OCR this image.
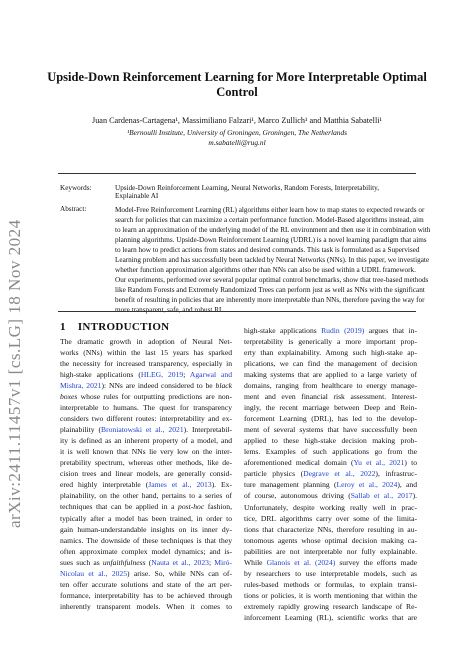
arXiv:2411.11457v1 [cs.LG] 18 Nov 2024
Upside-Down Reinforcement Learning for More Interpretable Optimal
Control
Juan Cardenas-Cartagena¹, Massimiliano Falzari¹, Marco Zullich¹ and Matthia Sabatelli¹
¹Bernoulli Institute, University of Groningen, Groningen, The Netherlands
m.sabatelli@rug.nl
Keywords:	Upside-Down Reinforcement Learning, Neural Networks, Random Forests, Interpretability, Explainable AI
Abstract:	Model-Free Reinforcement Learning (RL) algorithms either learn how to map states to expected rewards or
search for policies that can maximize a certain performance function. Model-Based algorithms instead, aim
to learn an approximation of the underlying model of the RL environment and then use it in combination with
planning algorithms. Upside-Down Reinforcement Learning (UDRL) is a novel learning paradigm that aims
to learn how to predict actions from states and desired commands. This task is formulated as a Supervised
Learning problem and has successfully been tackled by Neural Networks (NNs). In this paper, we investigate
whether function approximation algorithms other than NNs can also be used within a UDRL framework.
Our experiments, performed over several popular optimal control benchmarks, show that tree-based methods
like Random Forests and Extremely Randomized Trees can perform just as well as NNs with the significant
benefit of resulting in policies that are inherently more interpretable than NNs, therefore paving the way for
more transparent, safe, and robust RL.
1 INTRODUCTION
The dramatic growth in adoption of Neural Net-
works (NNs) within the last 15 years has sparked
the necessity for increased transparency, especially in
high-stake applications (HLEG, 2019; Agarwal and
Mishra, 2021): NNs are indeed considered to be black
boxes whose rules for outputting predictions are non-
interpretable to humans. The quest for transparency
considers two different routes: interpretability and ex-
plainability (Broniatowski et al., 2021). Interpretabil-
ity is defined as an inherent property of a model, and
it is well known that NNs lie very low on the inter-
pretability spectrum, whereas other methods, like de-
cision trees and linear models, are generally consid-
ered highly interpretable (James et al., 2013). Ex-
plainability, on the other hand, pertains to a series of
techniques that can be applied in a post-hoc fashion,
typically after a model has been trained, in order to
gain human-understandable insights on its inner dy-
namics. The downside of these techniques is that they
often approximate complex model dynamics; and is-
sues such as unfaithfulness (Nauta et al., 2023; Miró-
Nicolau et al., 2025) arise. So, while NNs can of-
ten offer accurate solutions and state of the art per-
formance, interpretability has to be achieved through
inherently transparent models. When it comes to
high-stake applications Rudin (2019) argues that in-
terpretability is generically a more important prop-
erty than explainability. Among such high-stake ap-
plications, we can find the management of decision
making systems that are applied to a large variety of
domains, ranging from healthcare to energy manage-
ment and even financial risk assessment. Interest-
ingly, the recent marriage between Deep and Rein-
forcement Learning (DRL), has led to the develop-
ment of several systems that have successfully been
applied to these high-stake decision making prob-
lems. Examples of such applications go from the
aforementioned medical domain (Yu et al., 2021) to
particle physics (Degrave et al., 2022), infrastruc-
ture management planning (Leroy et al., 2024), and
of course, autonomous driving (Sallab et al., 2017).
Unfortunately, despite working really well in prac-
tice, DRL algorithms carry over some of the limita-
tions that characterize NNs, therefore resulting in au-
tonomous agents whose optimal decision making ca-
pabilities are not interpretable nor fully explainable.
While Glanois et al. (2024) survey the efforts made
by researchers to use interpretable models, such as
rules-based methods or formulas, to explain transi-
tions or policies, it is worth mentioning that within the
extremely rapidly growing research landscape of Re-
inforcement Learning (RL), scientific works that are
